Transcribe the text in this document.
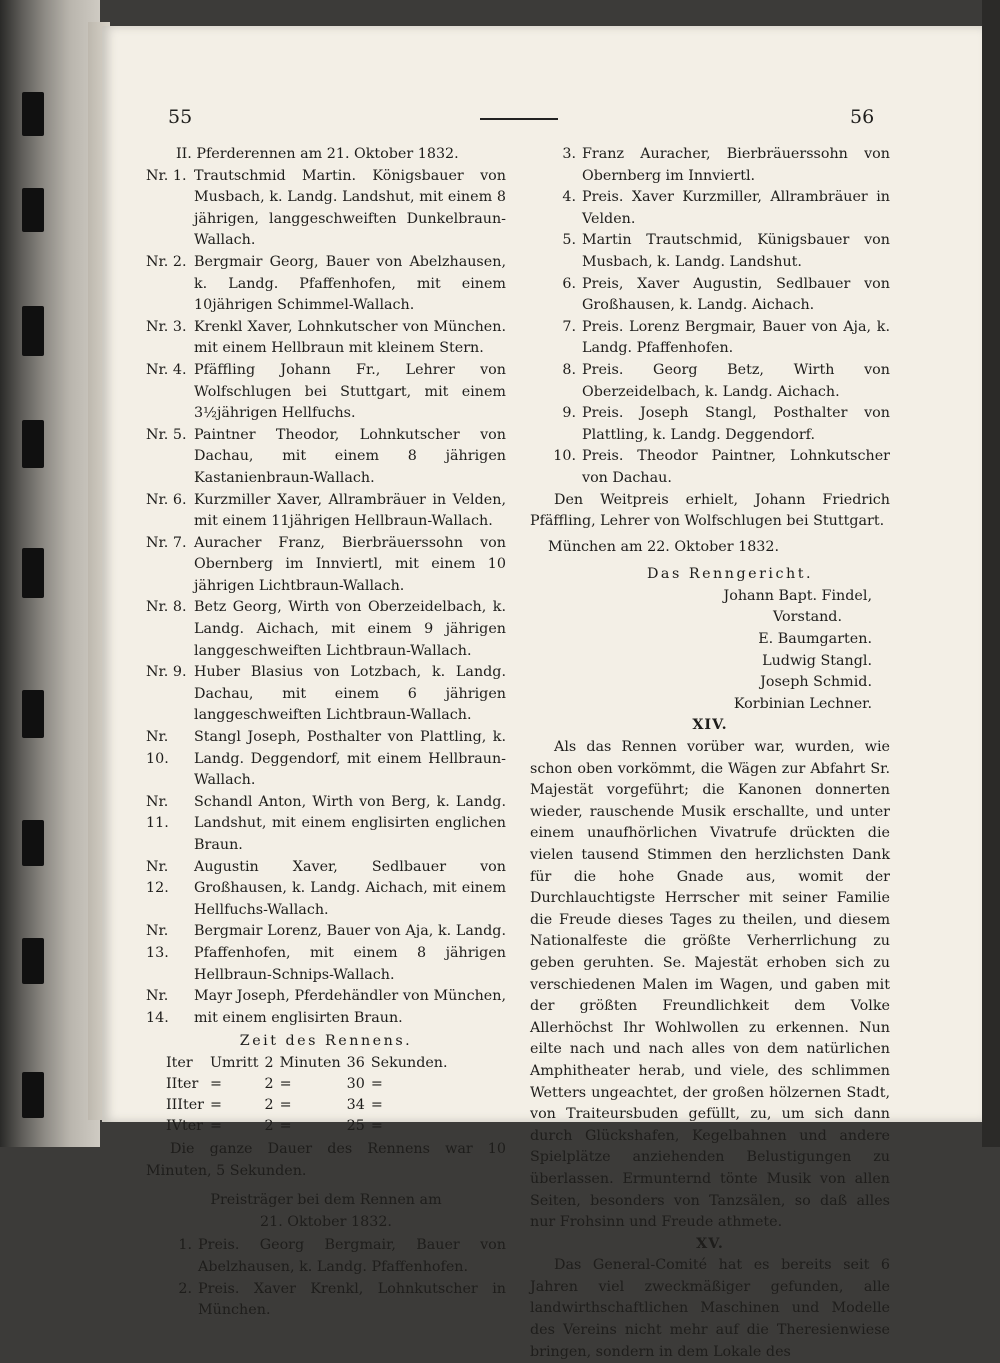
55	56

II. Pferderennen am 21. Oktober 1832.

Nr. 1. Trautschmid Martin. Königsbauer von Musbach, k. Landg. Landshut, mit einem 8 jährigen, langgeschweiften Dunkelbraun-Wallach.
Nr. 2. Bergmair Georg, Bauer von Abelzhausen, k. Landg. Pfaffenhofen, mit einem 10jährigen Schimmel-Wallach.
Nr. 3. Krenkl Xaver, Lohnkutscher von München. mit einem Hellbraun mit kleinem Stern.
Nr. 4. Pfäffling Johann Fr., Lehrer von Wolfschlugen bei Stuttgart, mit einem 3½jährigen Hellfuchs.
Nr. 5. Paintner Theodor, Lohnkutscher von Dachau, mit einem 8 jährigen Kastanienbraun-Wallach.
Nr. 6. Kurzmiller Xaver, Allrambräuer in Velden, mit einem 11jährigen Hellbraun-Wallach.
Nr. 7. Auracher Franz, Bierbräuerssohn von Obernberg im Innviertl, mit einem 10 jährigen Lichtbraun-Wallach.
Nr. 8. Betz Georg, Wirth von Oberzeidelbach, k. Landg. Aichach, mit einem 9 jährigen langgeschweiften Lichtbraun-Wallach.
Nr. 9. Huber Blasius von Lotzbach, k. Landg. Dachau, mit einem 6 jährigen langgeschweiften Lichtbraun-Wallach.
Nr. 10.
Stangl Joseph, Posthalter von Plattling, k. Landg. Deggendorf, mit einem Hellbraun-Wallach.
Nr. 11.
Schandl Anton, Wirth von Berg, k. Landg. Landshut, mit einem englisirten englichen Braun.
Nr. 12.
Augustin Xaver, Sedlbauer von Großhausen, k. Landg. Aichach, mit einem Hellfuchs-Wallach.
Nr. 13.
Bergmair Lorenz, Bauer von Aja, k. Landg. Pfaffenhofen, mit einem 8 jährigen Hellbraun-Schnips-Wallach.
Nr. 14.
Mayr Joseph, Pferdehändler von München, mit einem englisirten Braun.

Zeit des Rennens.

Iter	Umritt	2	Minuten	36	Sekunden.
IIter	=	2	=	30	=
IIIter	=	2	=	34	=
IVter	=	2	=	25	=

Die ganze Dauer des Rennens war 10 Minuten, 5 Sekunden.

Preisträger bei dem Rennen am

21. Oktober 1832.

1. Preis. Georg Bergmair, Bauer von Abelzhausen, k. Landg. Pfaffenhofen.
2. Preis. Xaver Krenkl, Lohnkutscher in München.
3. Franz Auracher, Bierbräuerssohn von Obernberg im Innviertl.
4. Preis. Xaver Kurzmiller, Allrambräuer in Velden.
5. Martin Trautschmid, Künigsbauer von Musbach, k. Landg. Landshut.
6. Preis, Xaver Augustin, Sedlbauer von Großhausen, k. Landg. Aichach.
7. Preis. Lorenz Bergmair, Bauer von Aja, k. Landg. Pfaffenhofen.
8. Preis. Georg Betz, Wirth von Oberzeidelbach, k. Landg. Aichach.
9. Preis. Joseph Stangl, Posthalter von Plattling, k. Landg. Deggendorf.
10. Preis. Theodor Paintner, Lohnkutscher von Dachau.

Den Weitpreis erhielt, Johann Friedrich Pfäffling, Lehrer von Wolfschlugen bei Stuttgart.

München am 22. Oktober 1832.

Das Renngericht.

Johann Bapt. Findel,

Vorstand.

E. Baumgarten.

Ludwig Stangl.

Joseph Schmid.

Korbinian Lechner.

XIV.

Als das Rennen vorüber war, wurden, wie schon oben vorkömmt, die Wägen zur Abfahrt Sr. Majestät vorgeführt; die Kanonen donnerten wieder, rauschende Musik erschallte, und unter einem unaufhörlichen Vivatrufe drückten die vielen tausend Stimmen den herzlichsten Dank für die hohe Gnade aus, womit der Durchlauchtigste Herrscher mit seiner Familie die Freude dieses Tages zu theilen, und diesem Nationalfeste die größte Verherrlichung zu geben geruhten. Se. Majestät erhoben sich zu verschiedenen Malen im Wagen, und gaben mit der größten Freundlichkeit dem Volke Allerhöchst Ihr Wohlwollen zu erkennen. Nun eilte nach und nach alles von dem natürlichen Amphitheater herab, und viele, des schlimmen Wetters ungeachtet, der großen hölzernen Stadt, von Traiteursbuden gefüllt, zu, um sich dann durch Glückshafen, Kegelbahnen und andere Spielplätze anziehenden Belustigungen zu überlassen. Ermunternd tönte Musik von allen Seiten, besonders von Tanzsälen, so daß alles nur Frohsinn und Freude athmete.

XV.

Das General-Comité hat es bereits seit 6 Jahren viel zweckmäßiger gefunden, alle landwirthschaftlichen Maschinen und Modelle des Vereins nicht mehr auf die Theresienwiese bringen, sondern in dem Lokale des
